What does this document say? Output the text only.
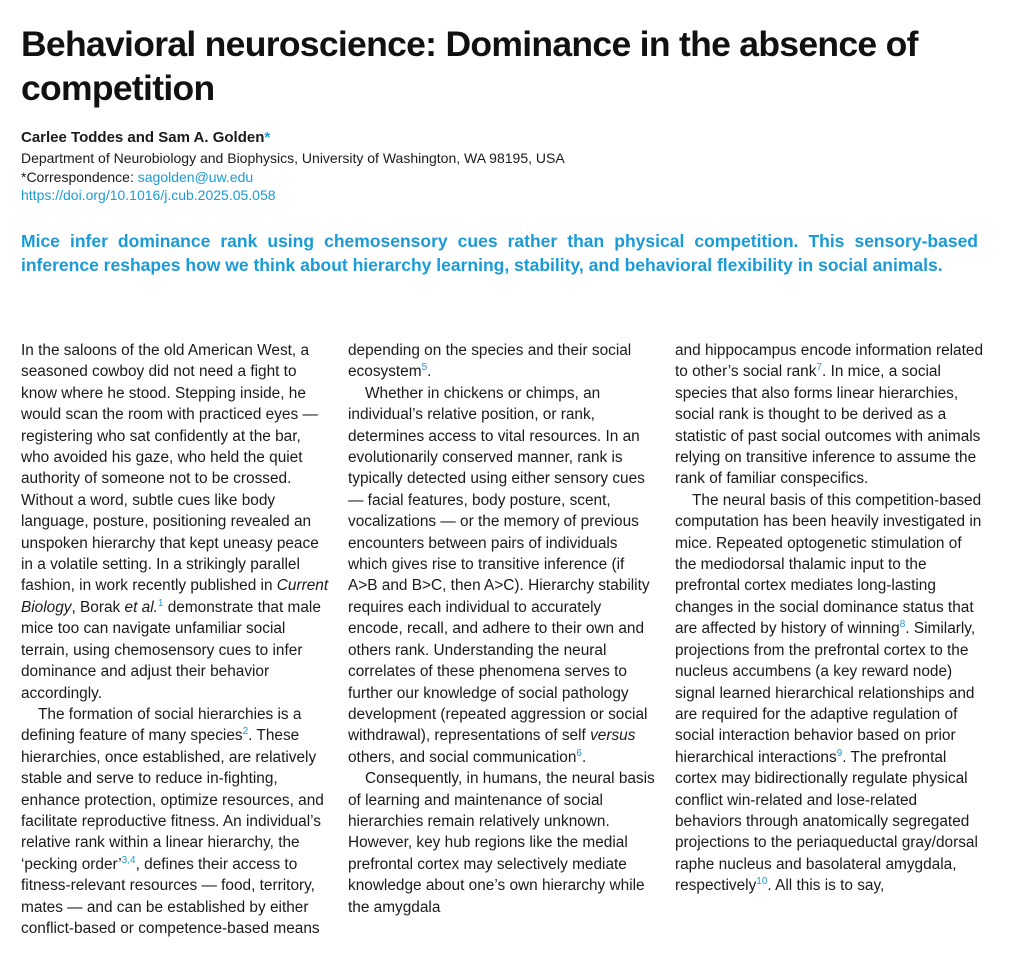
Behavioral neuroscience: Dominance in the absence of competition
Carlee Toddes and Sam A. Golden*
Department of Neurobiology and Biophysics, University of Washington, WA 98195, USA
*Correspondence: sagolden@uw.edu
https://doi.org/10.1016/j.cub.2025.05.058

Mice infer dominance rank using chemosensory cues rather than physical competition. This sensory-based inference reshapes how we think about hierarchy learning, stability, and behavioral flexibility in social animals.

In the saloons of the old American West, a seasoned cowboy did not need a fight to know where he stood. Stepping inside, he would scan the room with practiced eyes — registering who sat confidently at the bar, who avoided his gaze, who held the quiet authority of someone not to be crossed. Without a word, subtle cues like body language, posture, positioning revealed an unspoken hierarchy that kept uneasy peace in a volatile setting. In a strikingly parallel fashion, in work recently published in Current Biology, Borak et al.$^1$ demonstrate that male mice too can navigate unfamiliar social terrain, using chemosensory cues to infer dominance and adjust their behavior accordingly.

The formation of social hierarchies is a defining feature of many species$^2$. These hierarchies, once established, are relatively stable and serve to reduce in-fighting, enhance protection, optimize resources, and facilitate reproductive fitness. An individual’s relative rank within a linear hierarchy, the ‘pecking order’$^{3,4}$, defines their access to fitness-relevant resources — food, territory, mates — and can be established by either conflict-based or competence-based means

depending on the species and their social ecosystem$^5$.

Whether in chickens or chimps, an individual’s relative position, or rank, determines access to vital resources. In an evolutionarily conserved manner, rank is typically detected using either sensory cues — facial features, body posture, scent, vocalizations — or the memory of previous encounters between pairs of individuals which gives rise to transitive inference (if A>B and B>C, then A>C). Hierarchy stability requires each individual to accurately encode, recall, and adhere to their own and others rank. Understanding the neural correlates of these phenomena serves to further our knowledge of social pathology development (repeated aggression or social withdrawal), representations of self versus others, and social communication$^6$.

Consequently, in humans, the neural basis of learning and maintenance of social hierarchies remain relatively unknown. However, key hub regions like the medial prefrontal cortex may selectively mediate knowledge about one’s own hierarchy while the amygdala

and hippocampus encode information related to other’s social rank$^7$. In mice, a social species that also forms linear hierarchies, social rank is thought to be derived as a statistic of past social outcomes with animals relying on transitive inference to assume the rank of familiar conspecifics.

The neural basis of this competition-based computation has been heavily investigated in mice. Repeated optogenetic stimulation of the mediodorsal thalamic input to the prefrontal cortex mediates long-lasting changes in the social dominance status that are affected by history of winning$^8$. Similarly, projections from the prefrontal cortex to the nucleus accumbens (a key reward node) signal learned hierarchical relationships and are required for the adaptive regulation of social interaction behavior based on prior hierarchical interactions$^9$. The prefrontal cortex may bidirectionally regulate physical conflict win-related and lose-related behaviors through anatomically segregated projections to the periaqueductal gray/dorsal raphe nucleus and basolateral amygdala, respectively$^{10}$. All this is to say,
